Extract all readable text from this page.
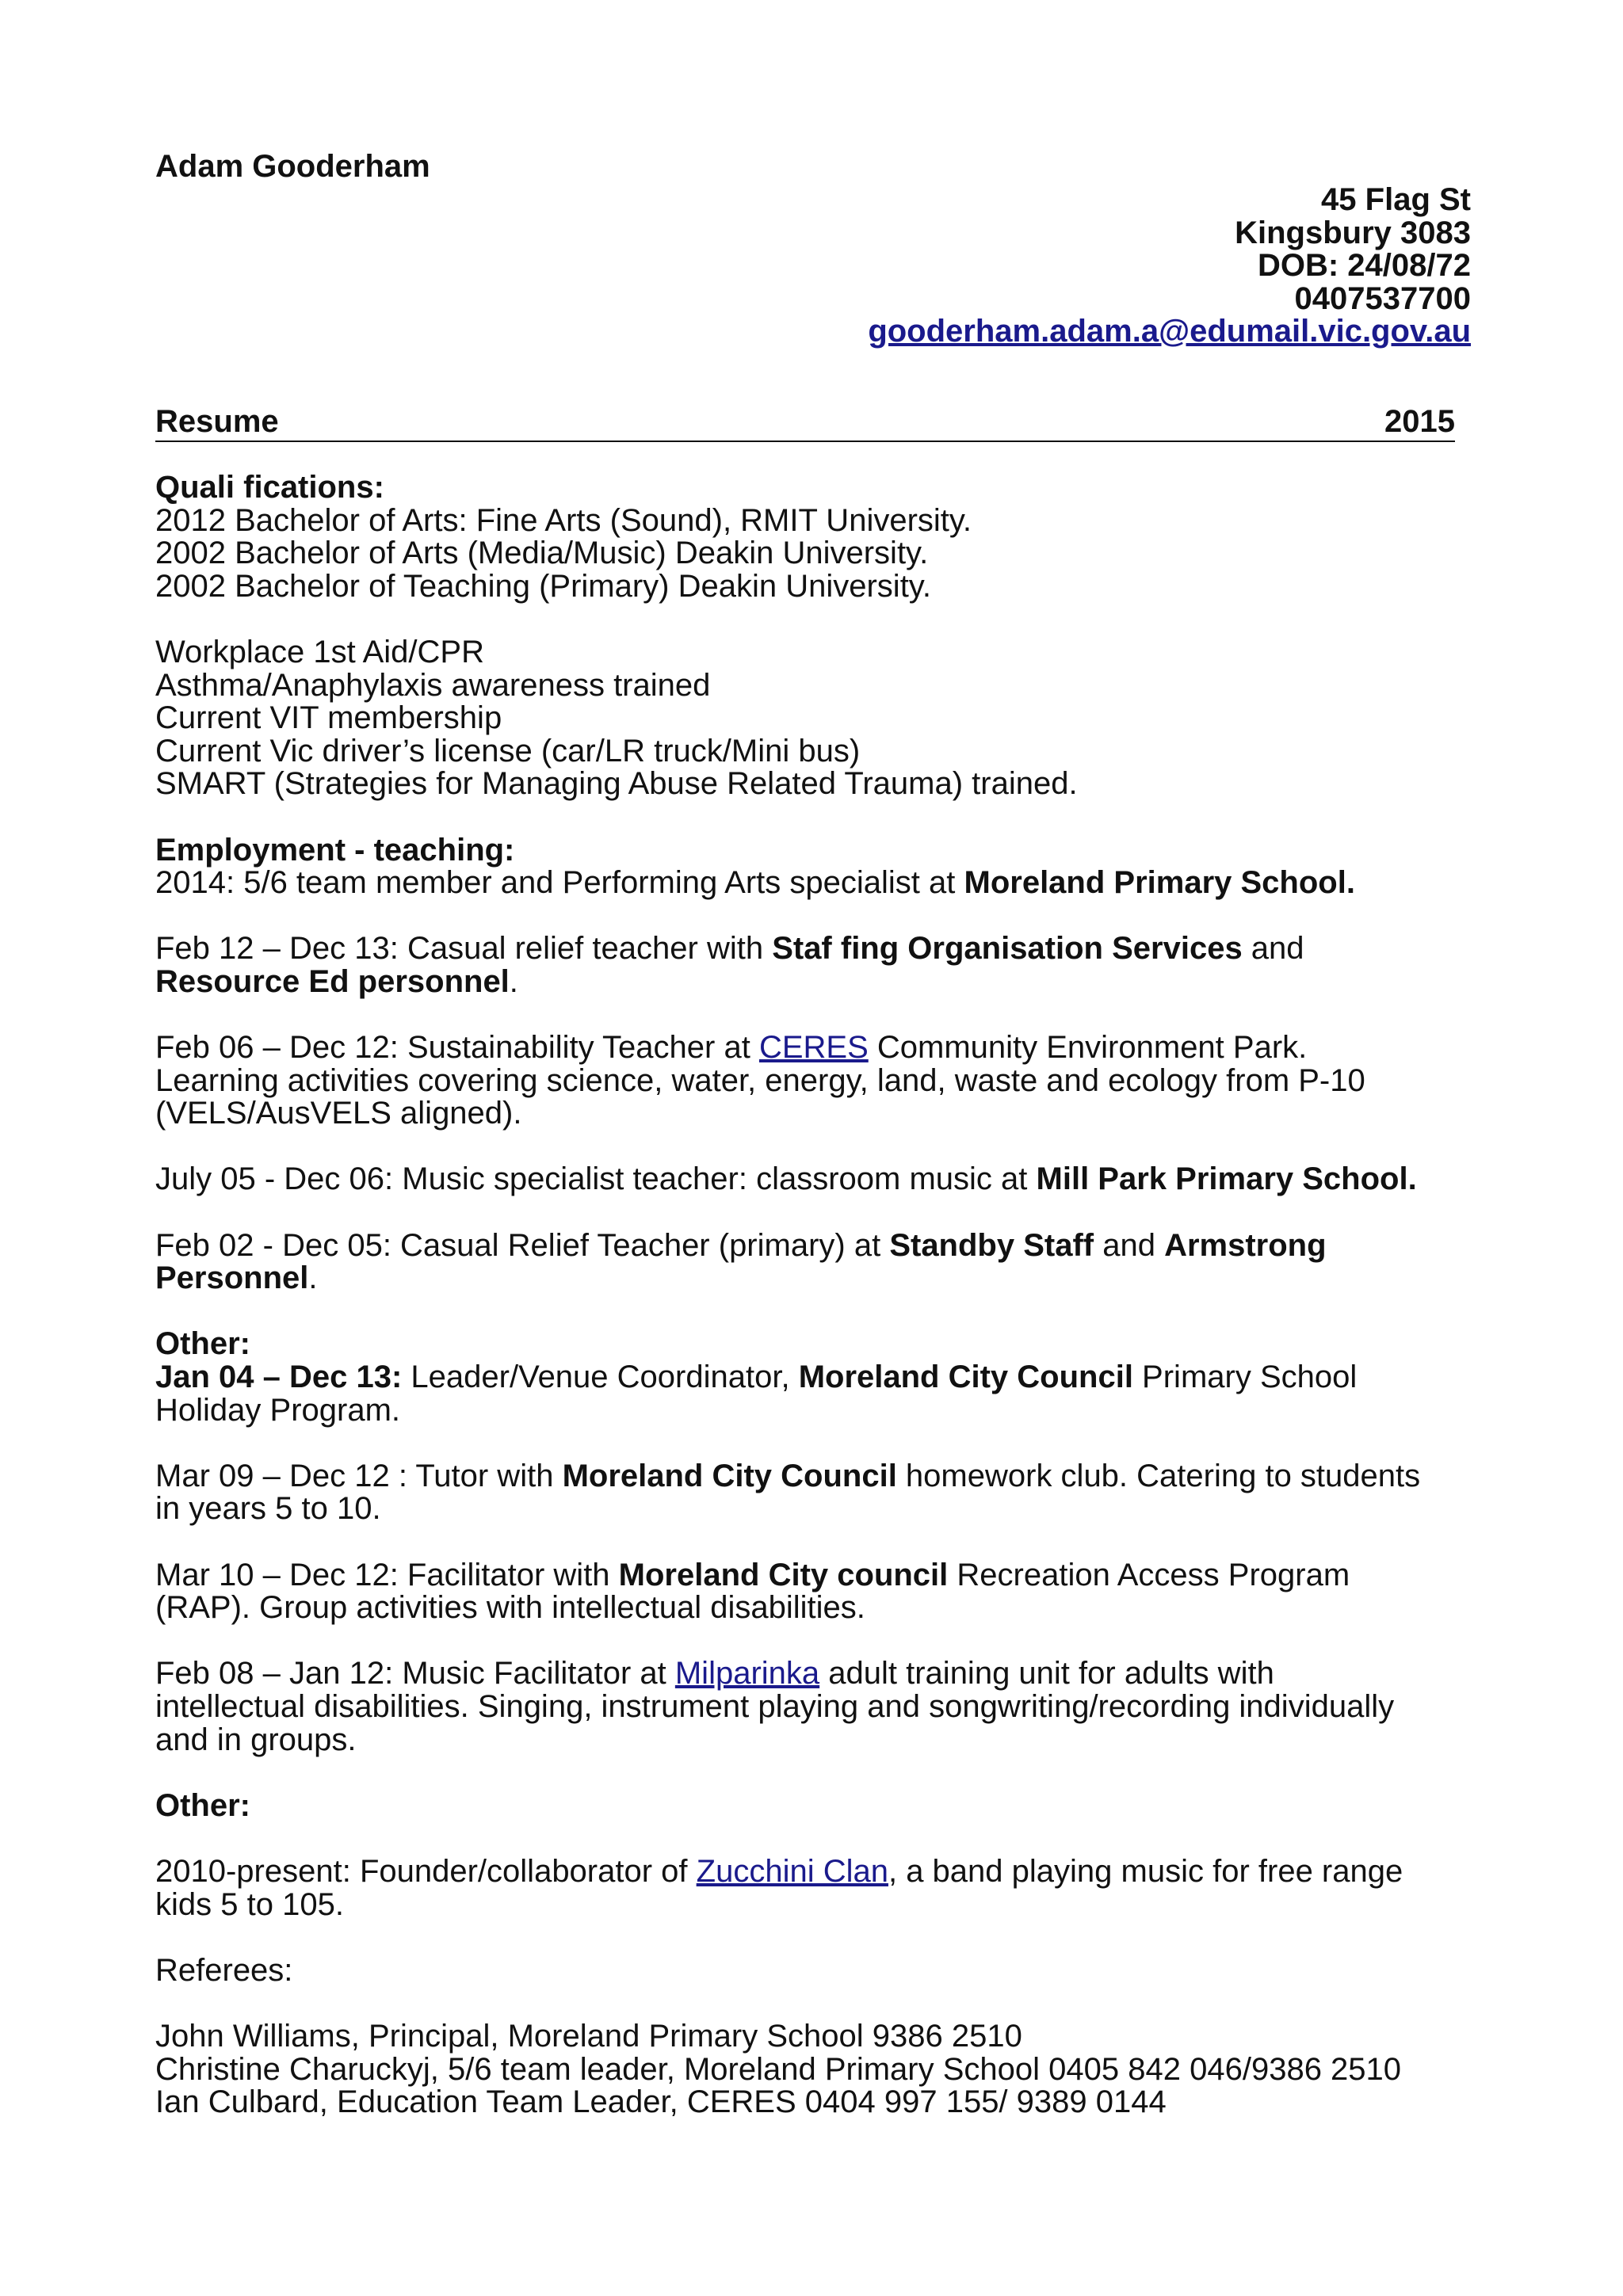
Adam Gooderham
45 Flag St
Kingsbury 3083
DOB: 24/08/72
0407537700
gooderham.adam.a@edumail.vic.gov.au
Resume	2015

Quali fications:

2012 Bachelor of Arts: Fine Arts (Sound), RMIT University.

2002 Bachelor of Arts (Media/Music) Deakin University.

2002 Bachelor of Teaching (Primary) Deakin University.

Workplace 1st Aid/CPR

Asthma/Anaphylaxis awareness trained

Current VIT membership

Current Vic driver’s license (car/LR truck/Mini bus)

SMART (Strategies for Managing Abuse Related Trauma) trained.

Employment - teaching:

2014: 5/6 team member and Performing Arts specialist at Moreland Primary School.

Feb 12 – Dec 13: Casual relief teacher with Staf fing Organisation Services and

Resource Ed personnel.

Feb 06 – Dec 12: Sustainability Teacher at CERES Community Environment Park.

Learning activities covering science, water, energy, land, waste and ecology from P-10

(VELS/AusVELS aligned).

July 05 - Dec 06: Music specialist teacher: classroom music at Mill Park Primary School.

Feb 02 - Dec 05: Casual Relief Teacher (primary) at Standby Staff and Armstrong

Personnel.

Other:

Jan 04 – Dec 13: Leader/Venue Coordinator, Moreland City Council Primary School

Holiday Program.

Mar 09 – Dec 12 : Tutor with Moreland City Council homework club. Catering to students

in years 5 to 10.

Mar 10 – Dec 12: Facilitator with Moreland City council Recreation Access Program

(RAP). Group activities with intellectual disabilities.

Feb 08 – Jan 12: Music Facilitator at Milparinka adult training unit for adults with

intellectual disabilities. Singing, instrument playing and songwriting/recording individually

and in groups.

Other:

2010-present: Founder/collaborator of Zucchini Clan, a band playing music for free range

kids 5 to 105.

Referees:

John Williams, Principal, Moreland Primary School 9386 2510

Christine Charuckyj, 5/6 team leader, Moreland Primary School 0405 842 046/9386 2510

Ian Culbard, Education Team Leader, CERES 0404 997 155/ 9389 0144
